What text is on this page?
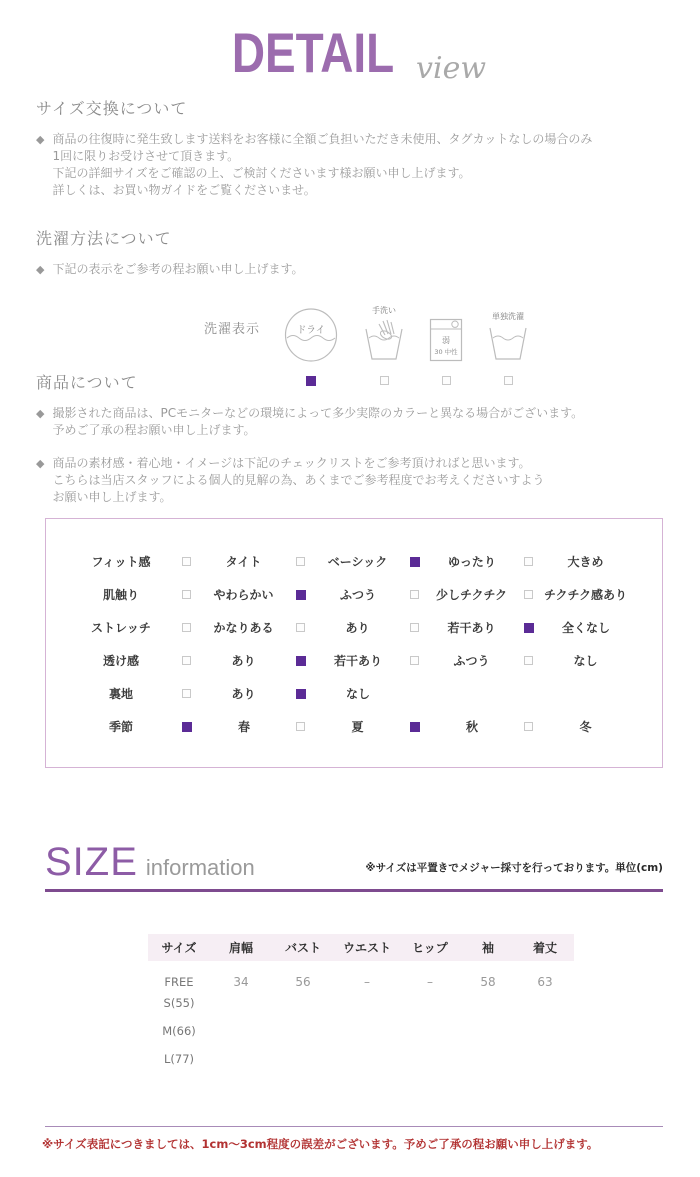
DETAIL view
サイズ交換について
◆ 商品の往復時に発生致します送料をお客様に全額ご負担いただき未使用、タグカットなしの場合のみ
1回に限りお受けさせて頂きます。
下記の詳細サイズをご確認の上、ご検討くださいます様お願い申し上げます。
詳しくは、お買い物ガイドをご覧くださいませ。
洗濯方法について
◆ 下記の表示をご参考の程お願い申し上げます。
洗濯表示	ドライ
手洗い
弱
30 中性
単独洗濯
商品について
◆ 撮影された商品は、PCモニターなどの環境によって多少実際のカラーと異なる場合がございます。
予めご了承の程お願い申し上げます。
◆ 商品の素材感・着心地・イメージは下記のチェックリストをご参考頂ければと思います。
こちらは当店スタッフによる個人的見解の為、あくまでご参考程度でお考えくださいすよう
お願い申し上げます。
フィット感	タイト	ベーシック	ゆったり	大きめ
肌触り	やわらかい	ふつう	少しチクチク	チクチク感あり
ストレッチ	かなりある	あり	若干あり	全くなし
透け感	あり	若干あり	ふつう	なし
裏地	あり	なし
季節	春	夏	秋	冬
SIZE information	※サイズは平置きでメジャー採寸を行っております。単位(cm)
サイズ	肩幅	バスト	ウエスト	ヒップ	袖	着丈
FREE	34	56	–	–	58	63
S(55)						
M(66)						
L(77)						
※サイズ表記につきましては、1cm～3cm程度の誤差がございます。予めご了承の程お願い申し上げます。
